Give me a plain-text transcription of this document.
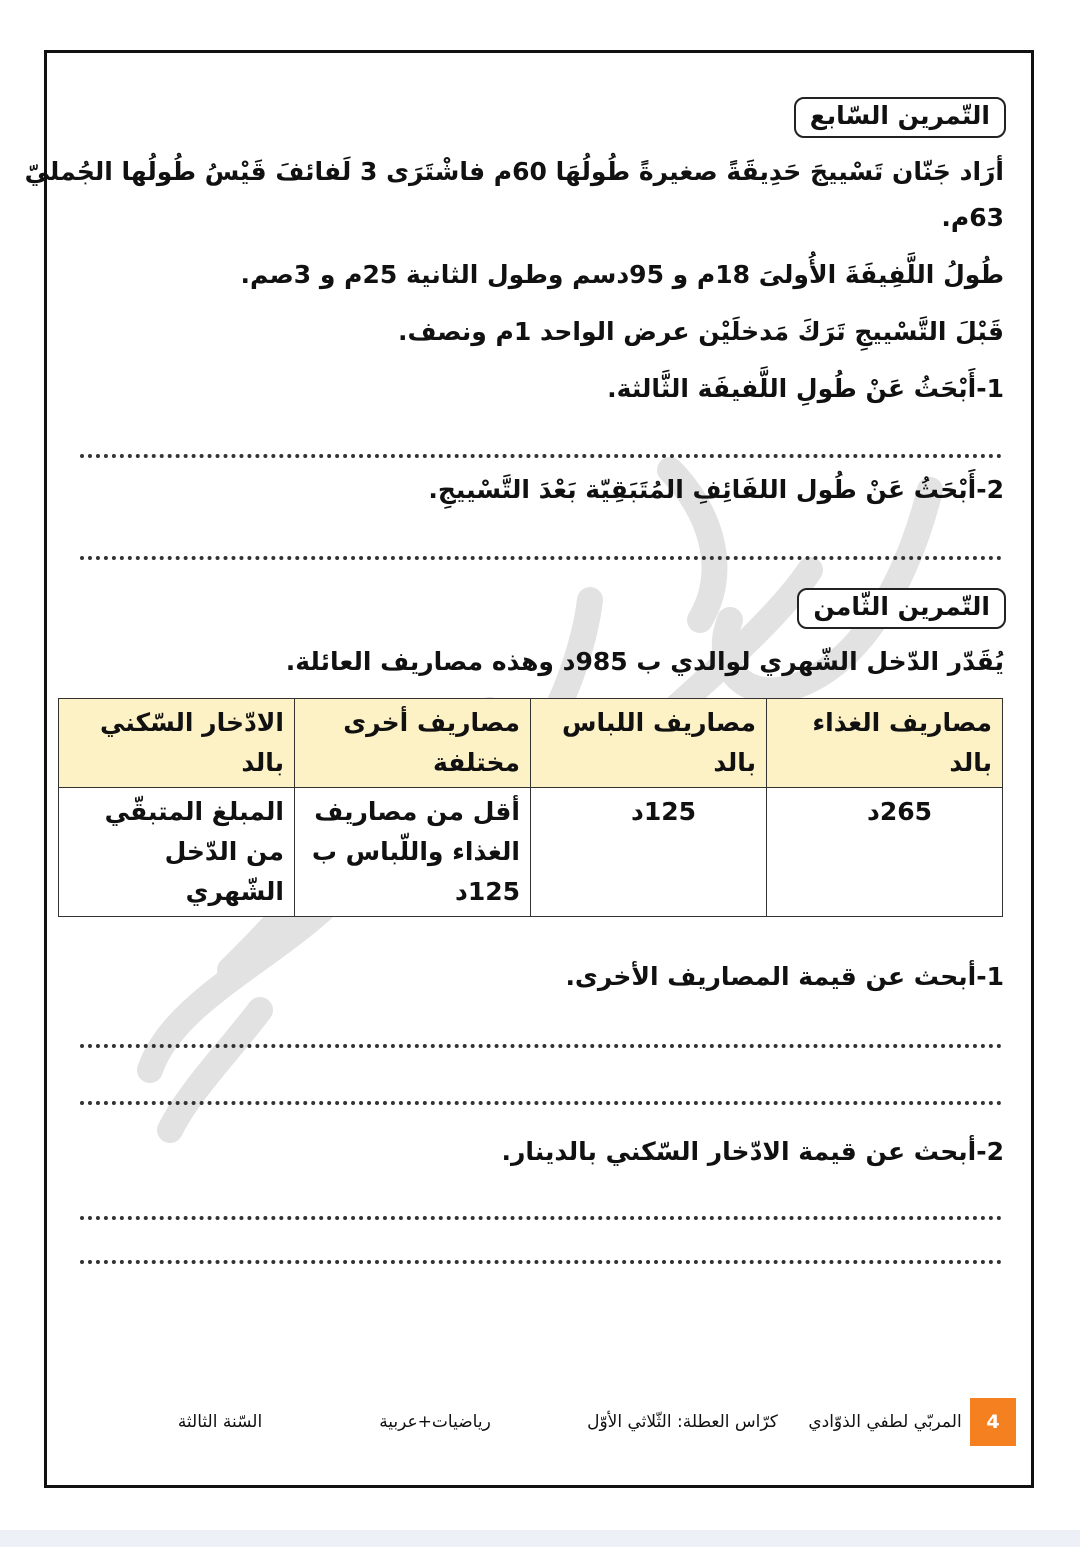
التّمرين السّابع
أرَاد جَنّان تَسْييجَ حَدِيقَةً صغيرةً طُولُهَا 60م فاشْتَرَى 3 لَفائفَ قَيْسُ طُولُها الجُمليّ
63م.
طُولُ اللَّفِيفَةَ الأُولىَ 18م و 95دسم وطول الثانية 25م و 3صم.
قَبْلَ التَّسْييجِ تَرَكَ مَدخلَيْن عرض الواحد 1م ونصف.
1-أَبْحَثُ عَنْ طُولِ اللَّفيفَة الثَّالثة.
2-أَبْحَثُ عَنْ طُول اللفَائِفِ المُتَبَقِيّة بَعْدَ التَّسْييجِ.
التّمرين الثّامن
يُقَدّر الدّخل الشّهري لوالدي ب 985د وهذه مصاريف العائلة.
مصاريف الغذاء بالد	مصاريف اللباس بالد	مصاريف أخرى مختلفة	الادّخار السّكني بالد
265د	125د	أقل من مصاريف الغذاء واللّباس ب 125د	المبلغ المتبقّي من الدّخل الشّهري
1-أبحث عن قيمة المصاريف الأخرى.
2-أبحث عن قيمة الادّخار السّكني بالدينار.
4
المربّي لطفي الذوّادي
كرّاس العطلة: الثّلاثي الأوّل
رياضيات+عربية
السّنة الثالثة
